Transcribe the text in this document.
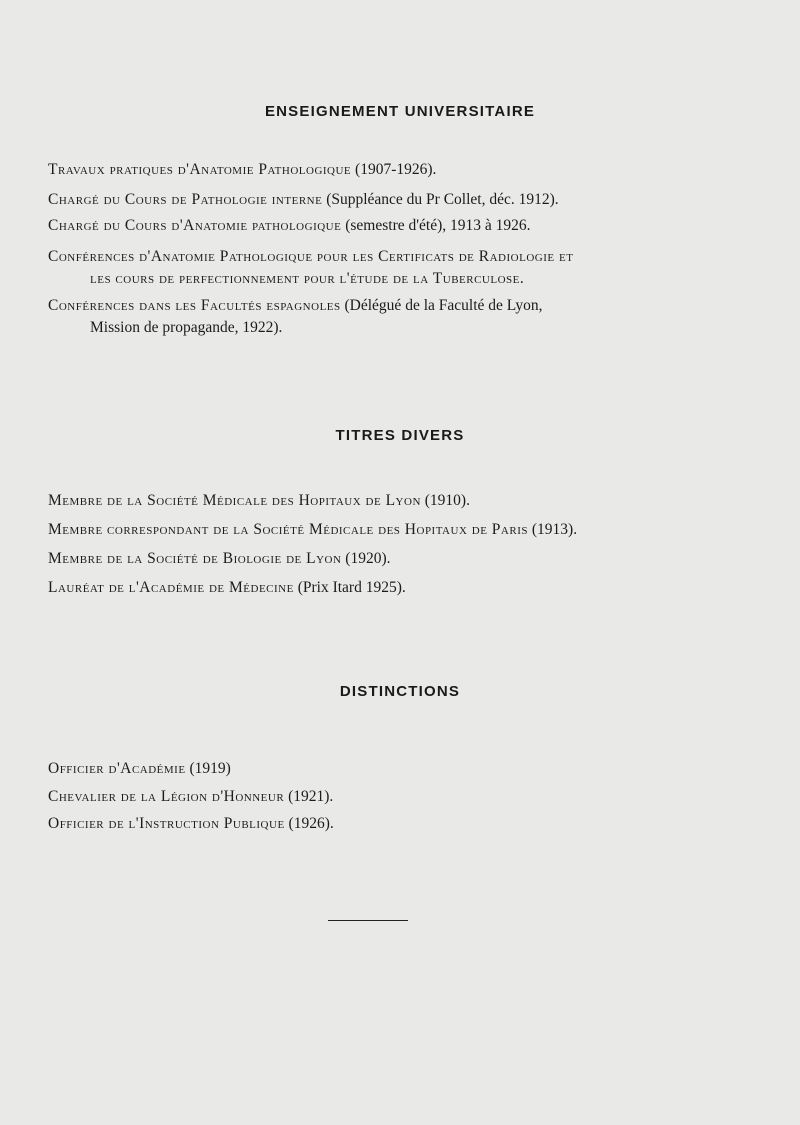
ENSEIGNEMENT UNIVERSITAIRE
Travaux pratiques d'Anatomie Pathologique (1907-1926).
Chargé du Cours de Pathologie interne (Suppléance du Pr Collet, déc. 1912).
Chargé du Cours d'Anatomie pathologique (semestre d'été), 1913 à 1926.
Conférences d'Anatomie Pathologique pour les Certificats de Radiologie et
les cours de perfectionnement pour l'étude de la Tuberculose.
Conférences dans les Facultés espagnoles (Délégué de la Faculté de Lyon,
Mission de propagande, 1922).
TITRES DIVERS
Membre de la Société Médicale des Hopitaux de Lyon (1910).
Membre correspondant de la Société Médicale des Hopitaux de Paris (1913).
Membre de la Société de Biologie de Lyon (1920).
Lauréat de l'Académie de Médecine (Prix Itard 1925).
DISTINCTIONS
Officier d'Académie (1919)
Chevalier de la Légion d'Honneur (1921).
Officier de l'Instruction Publique (1926).
